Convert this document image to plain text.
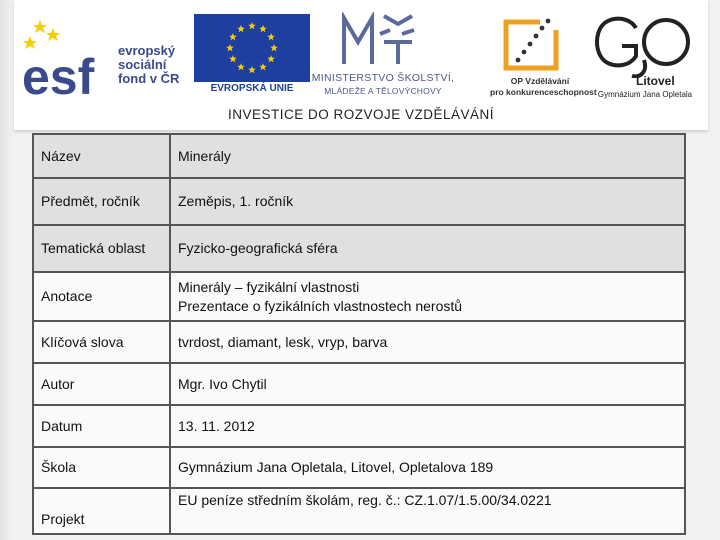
esf evropský
sociální
fond v ČR
EVROPSKÁ UNIE
MINISTERSTVO ŠKOLSTVÍ,
MLÁDEŽE A TĚLOVÝCHOVY
OP Vzdělávání
pro konkurenceschopnost
Litovel
Gymnázium Jana Opletala
INVESTICE DO ROZVOJE VZDĚLÁVÁNÍ
Název	Minerály
Předmět, ročník	Zeměpis, 1. ročník
Tematická oblast	Fyzicko-geografická sféra
Anotace	Minerály – fyzikální vlastnosti
Prezentace o fyzikálních vlastnostech nerostů

Klíčová slova	tvrdost, diamant, lesk, vryp, barva
Autor	Mgr. Ivo Chytil
Datum	13. 11. 2012
Škola	Gymnázium Jana Opletala, Litovel, Opletalova 189
Projekt	EU peníze středním školám, reg. č.: CZ.1.07/1.5.00/34.0221
